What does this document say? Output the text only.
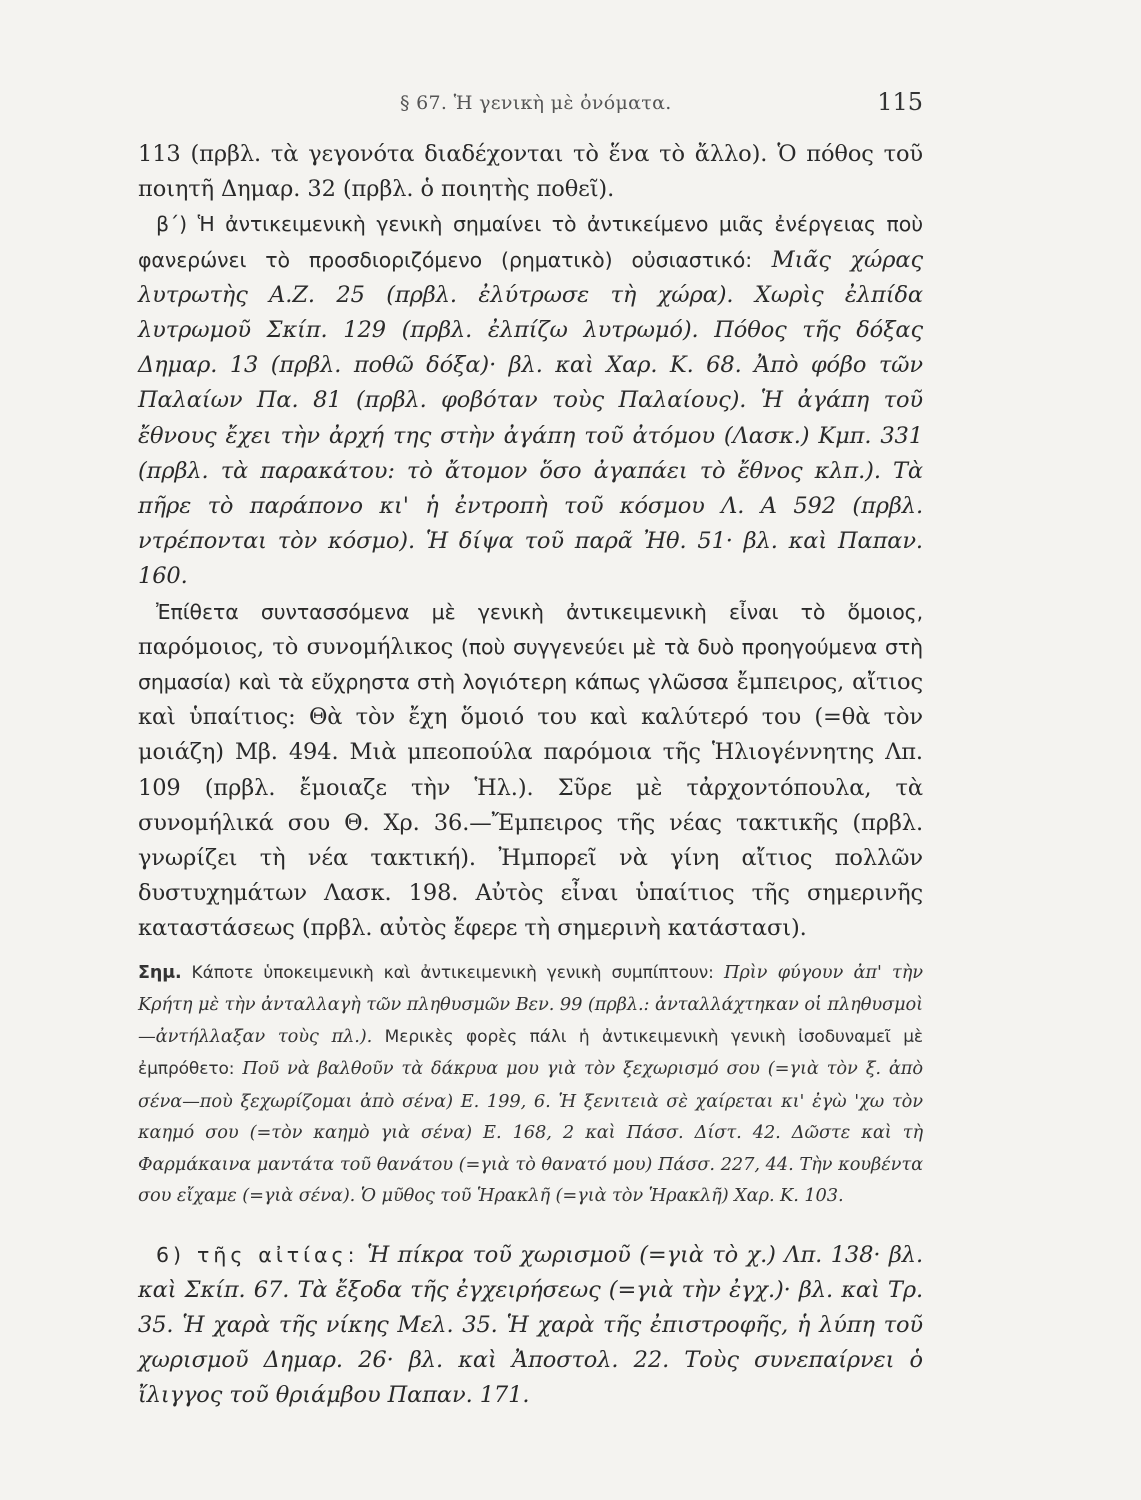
§ 67. Ἡ γενικὴ μὲ ὀνόματα.	115

113 (πρβλ. τὰ γεγονότα διαδέχονται τὸ ἕνα τὸ ἄλλο). Ὁ πόθος τοῦ ποιητῆ Δημαρ. 32 (πρβλ. ὁ ποιητὴς ποθεῖ).

β΄) Ἡ ἀντικειμενικὴ γενικὴ σημαίνει τὸ ἀντικείμενο μιᾶς ἐνέργειας ποὺ φανερώνει τὸ προσδιοριζόμενο (ρηματικὸ) οὐσιαστικό: Μιᾶς χώρας λυτρωτὴς Α.Ζ. 25 (πρβλ. ἐλύτρωσε τὴ χώρα). Χωρὶς ἐλπίδα λυτρωμοῦ Σκίπ. 129 (πρβλ. ἐλπίζω λυτρωμό). Πόθος τῆς δόξας Δημαρ. 13 (πρβλ. ποθῶ δόξα)· βλ. καὶ Χαρ. Κ. 68. Ἀπὸ φόβο τῶν Παλαίων Πα. 81 (πρβλ. φοβόταν τοὺς Παλαίους). Ἡ ἀγάπη τοῦ ἔθνους ἔχει τὴν ἀρχή της στὴν ἀγάπη τοῦ ἀτόμου (Λασκ.) Κμπ. 331 (πρβλ. τὰ παρακάτου: τὸ ἄτομον ὅσο ἀγαπάει τὸ ἔθνος κλπ.). Τὰ πῆρε τὸ παράπονο κι' ἡ ἐντροπὴ τοῦ κόσμου Λ. Α 592 (πρβλ. ντρέπονται τὸν κόσμο). Ἡ δίψα τοῦ παρᾶ Ἠθ. 51· βλ. καὶ Παπαν. 160.

Ἐπίθετα συντασσόμενα μὲ γενικὴ ἀντικειμενικὴ εἶναι τὸ ὅμοιος, παρόμοιος, τὸ συνομήλικος (ποὺ συγγενεύει μὲ τὰ δυὸ προηγούμενα στὴ σημασία) καὶ τὰ εὔχρηστα στὴ λογιότερη κάπως γλῶσσα ἔμπειρος, αἴτιος καὶ ὑπαίτιος: Θὰ τὸν ἔχη ὅμοιό του καὶ καλύτερό του (=θὰ τὸν μοιάζη) Μβ. 494. Μιὰ μπεοπούλα παρόμοια τῆς Ἡλιογέννητης Λπ. 109 (πρβλ. ἔμοιαζε τὴν Ἡλ.). Σῦρε μὲ τἀρχοντόπουλα, τὰ συνομήλικά σου Θ. Χρ. 36.—Ἔμπειρος τῆς νέας τακτικῆς (πρβλ. γνωρίζει τὴ νέα τακτική). Ἠμπορεῖ νὰ γίνη αἴτιος πολλῶν δυστυχημάτων Λασκ. 198. Αὐτὸς εἶναι ὑπαίτιος τῆς σημερινῆς καταστάσεως (πρβλ. αὐτὸς ἔφερε τὴ σημερινὴ κατάστασι).

Σημ. Κάποτε ὑποκειμενικὴ καὶ ἀντικειμενικὴ γενικὴ συμπίπτουν: Πρὶν φύγουν ἀπ' τὴν Κρήτη μὲ τὴν ἀνταλλαγὴ τῶν πληθυσμῶν Βεν. 99 (πρβλ.: ἀνταλλάχτηκαν οἱ πληθυσμοὶ—ἀντήλλαξαν τοὺς πλ.). Μερικὲς φορὲς πάλι ἡ ἀντικειμενικὴ γενικὴ ἰσοδυναμεῖ μὲ ἐμπρόθετο: Ποῦ νὰ βαλθοῦν τὰ δάκρυα μου γιὰ τὸν ξεχωρισμό σου (=γιὰ τὸν ξ. ἀπὸ σένα—ποὺ ξεχωρίζομαι ἀπὸ σένα) Ε. 199, 6. Ἡ ξενιτειὰ σὲ χαίρεται κι' ἐγὼ 'χω τὸν καημό σου (=τὸν καημὸ γιὰ σένα) Ε. 168, 2 καὶ Πάσσ. Δίστ. 42. Δῶστε καὶ τὴ Φαρμάκαινα μαντάτα τοῦ θανάτου (=γιὰ τὸ θανατό μου) Πάσσ. 227, 44. Τὴν κουβέντα σου εἴχαμε (=γιὰ σένα). Ὁ μῦθος τοῦ Ἡρακλῆ (=γιὰ τὸν Ἡρακλῆ) Χαρ. Κ. 103.

6) τῆς αἰτίας: Ἡ πίκρα τοῦ χωρισμοῦ (=γιὰ τὸ χ.) Λπ. 138· βλ. καὶ Σκίπ. 67. Τὰ ἔξοδα τῆς ἐγχειρήσεως (=γιὰ τὴν ἐγχ.)· βλ. καὶ Τρ. 35. Ἡ χαρὰ τῆς νίκης Μελ. 35. Ἡ χαρὰ τῆς ἐπιστροφῆς, ἡ λύπη τοῦ χωρισμοῦ Δημαρ. 26· βλ. καὶ Ἀποστολ. 22. Τοὺς συνεπαίρνει ὁ ἴλιγγος τοῦ θριάμβου Παπαν. 171.
